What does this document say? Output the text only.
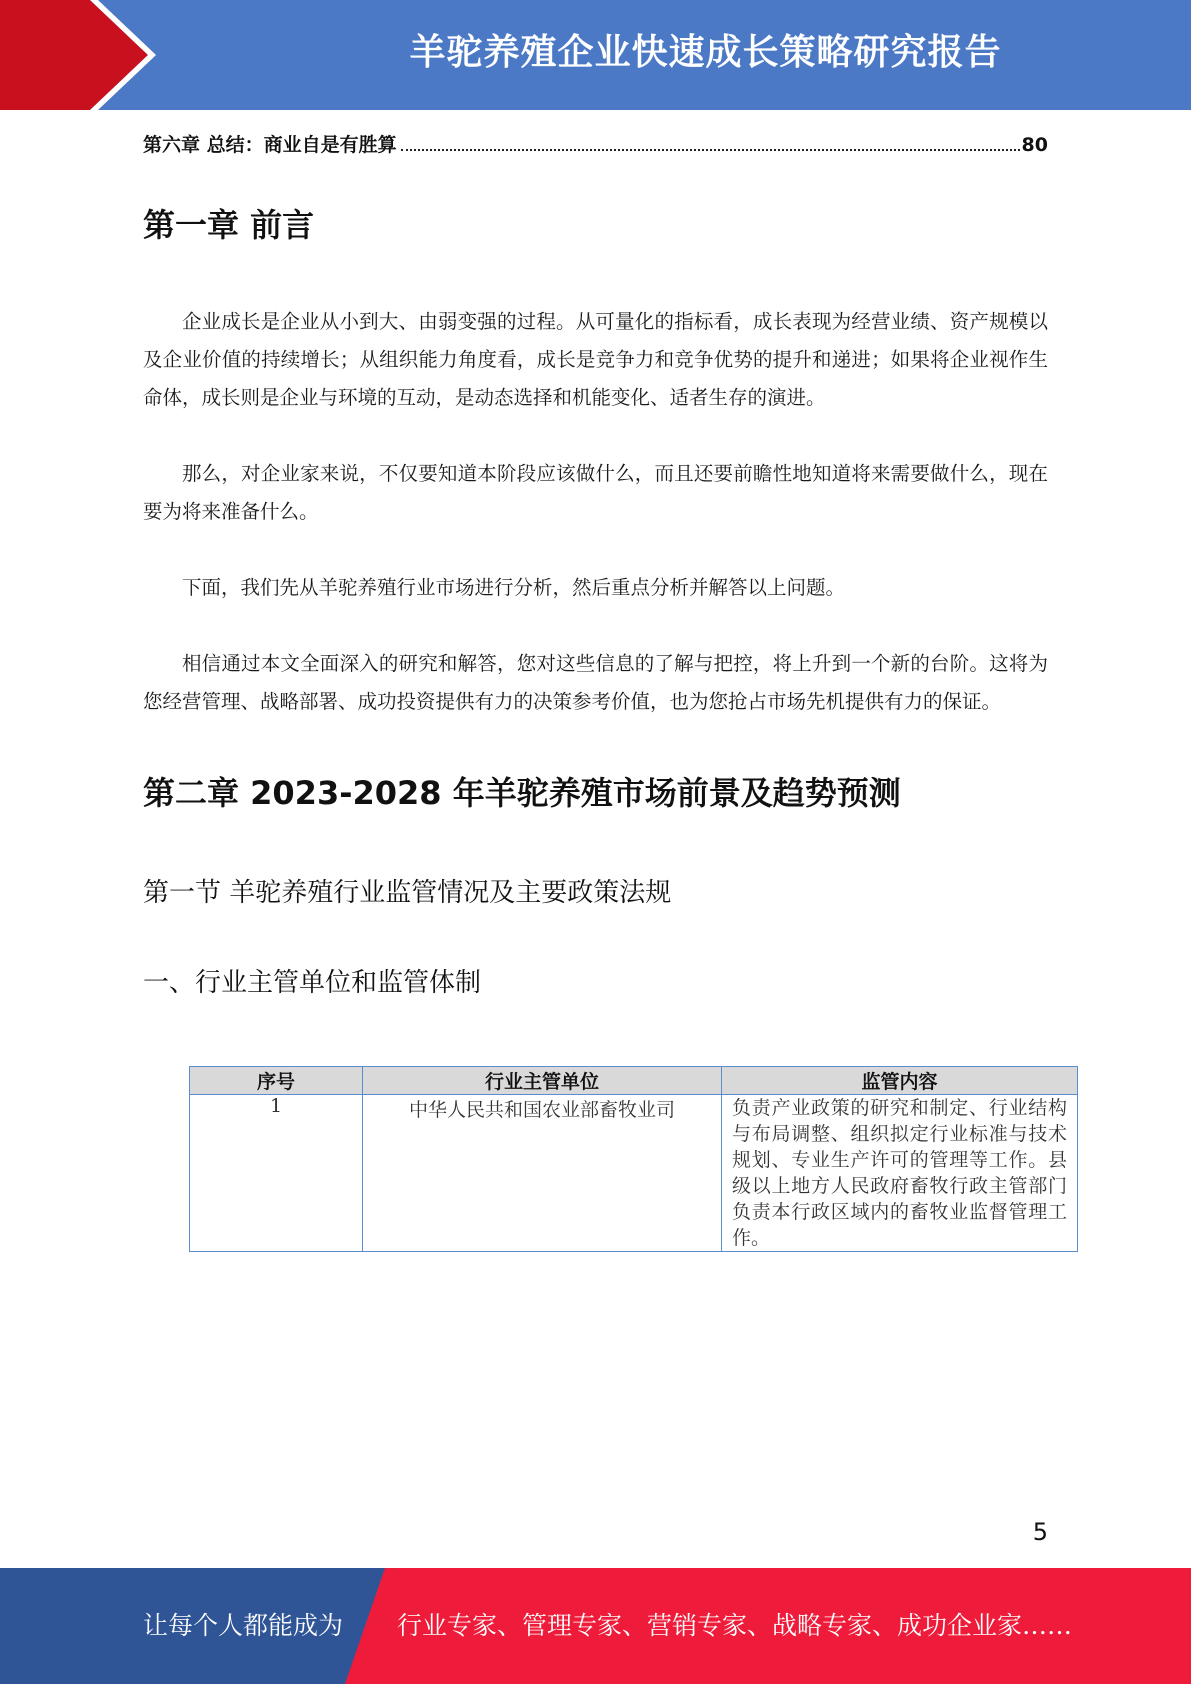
羊驼养殖企业快速成长策略研究报告
第六章 总结：商业自是有胜算	80
第一章 前言

企业成长是企业从小到大、由弱变强的过程。从可量化的指标看，成长表现为经营业绩、资产规模以及企业价值的持续增长；从组织能力角度看，成长是竞争力和竞争优势的提升和递进；如果将企业视作生命体，成长则是企业与环境的互动，是动态选择和机能变化、适者生存的演进。

那么，对企业家来说，不仅要知道本阶段应该做什么，而且还要前瞻性地知道将来需要做什么，现在要为将来准备什么。

下面，我们先从羊驼养殖行业市场进行分析，然后重点分析并解答以上问题。

相信通过本文全面深入的研究和解答，您对这些信息的了解与把控，将上升到一个新的台阶。这将为您经营管理、战略部署、成功投资提供有力的决策参考价值，也为您抢占市场先机提供有力的保证。

第二章 2023-2028 年羊驼养殖市场前景及趋势预测
第一节 羊驼养殖行业监管情况及主要政策法规
一、行业主管单位和监管体制
序号	行业主管单位	监管内容
1	中华人民共和国农业部畜牧业司	负责产业政策的研究和制定、行业结构与布局调整、组织拟定行业标准与技术规划、专业生产许可的管理等工作。县级以上地方人民政府畜牧行政主管部门负责本行政区域内的畜牧业监督管理工作。
5
让每个人都能成为 行业专家、管理专家、营销专家、战略专家、成功企业家……
